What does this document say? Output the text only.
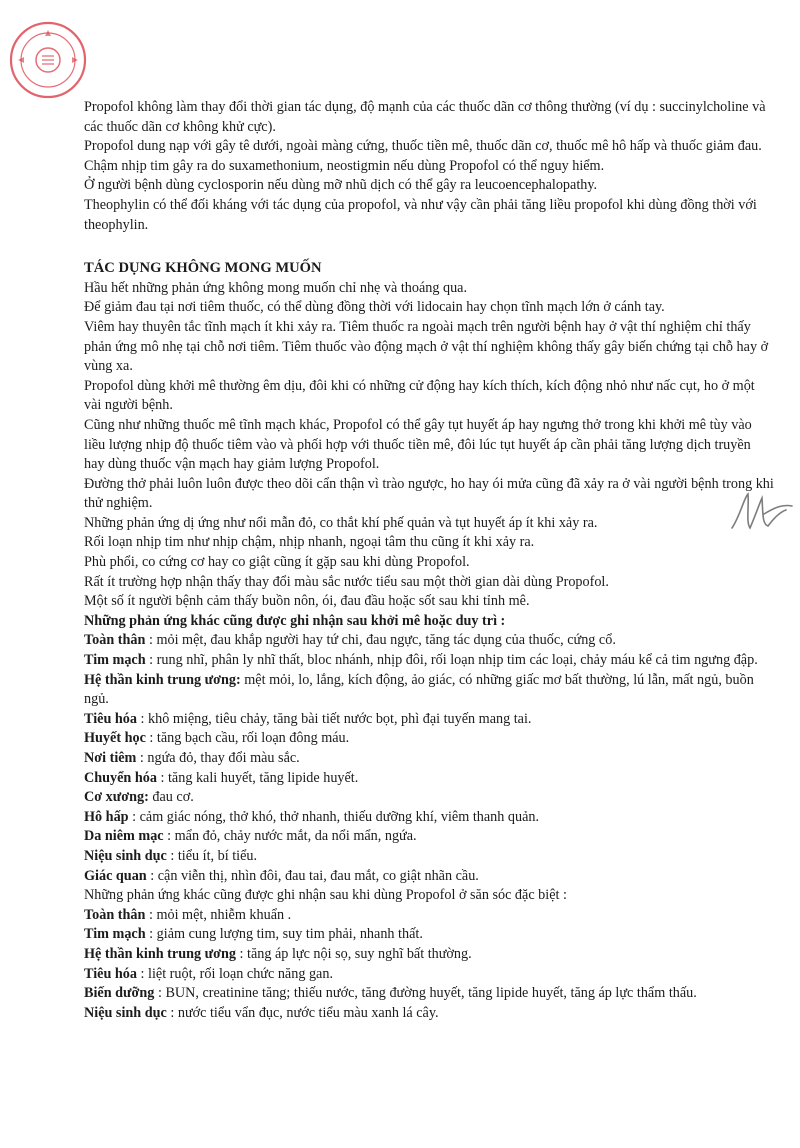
Propofol không làm thay đổi thời gian tác dụng, độ mạnh của các thuốc dãn cơ thông thường (ví dụ : succinylcholine và các thuốc dãn cơ không khử cực).

Propofol dung nạp với gây tê dưới, ngoài màng cứng, thuốc tiền mê, thuốc dãn cơ, thuốc mê hô hấp và thuốc giảm đau.

Chậm nhịp tim gây ra do suxamethonium, neostigmin nếu dùng Propofol có thể nguy hiểm.

Ở người bệnh dùng cyclosporin nếu dùng mỡ nhũ dịch có thể gây ra leucoencephalopathy.

Theophylin có thể đối kháng với tác dụng của propofol, và như vậy cần phải tăng liều propofol khi dùng đồng thời với theophylin.

TÁC DỤNG KHÔNG MONG MUỐN

Hầu hết những phản ứng không mong muốn chỉ nhẹ và thoáng qua.

Để giảm đau tại nơi tiêm thuốc, có thể dùng đồng thời với lidocain hay chọn tĩnh mạch lớn ở cánh tay.

Viêm hay thuyên tắc tĩnh mạch ít khi xảy ra. Tiêm thuốc ra ngoài mạch trên người bệnh hay ở vật thí nghiệm chỉ thấy phản ứng mô nhẹ tại chỗ nơi tiêm. Tiêm thuốc vào động mạch ở vật thí nghiệm không thấy gây biến chứng tại chỗ hay ở vùng xa.

Propofol dùng khởi mê thường êm dịu, đôi khi có những cử động hay kích thích, kích động nhỏ như nấc cụt, ho ở một vài người bệnh.

Cũng như những thuốc mê tĩnh mạch khác, Propofol có thể gây tụt huyết áp hay ngưng thở trong khi khởi mê tùy vào liều lượng nhịp độ thuốc tiêm vào và phối hợp với thuốc tiền mê, đôi lúc tụt huyết áp cần phải tăng lượng dịch truyền hay dùng thuốc vận mạch hay giảm lượng Propofol.

Đường thở phải luôn luôn được theo dõi cẩn thận vì trào ngược, ho hay ói mửa cũng đã xảy ra ở vài người bệnh trong khi thử nghiệm.

Những phản ứng dị ứng như nổi mẫn đỏ, co thắt khí phế quản và tụt huyết áp ít khi xảy ra.

Rối loạn nhịp tim như nhịp chậm, nhịp nhanh, ngoại tâm thu cũng ít khi xảy ra.

Phù phổi, co cứng cơ hay co giật cũng ít gặp sau khi dùng Propofol.

Rất ít trường hợp nhận thấy thay đổi màu sắc nước tiểu sau một thời gian dài dùng Propofol.

Một số ít người bệnh cảm thấy buồn nôn, ói, đau đầu hoặc sốt sau khi tỉnh mê.

Những phản ứng khác cũng được ghi nhận sau khởi mê hoặc duy trì :

Toàn thân : mỏi mệt, đau khắp người hay tứ chi, đau ngực, tăng tác dụng của thuốc, cứng cổ.

Tim mạch : rung nhĩ, phân ly nhĩ thất, bloc nhánh, nhịp đôi, rối loạn nhịp tim các loại, chảy máu kể cả tim ngưng đập.

Hệ thần kinh trung ương: mệt mỏi, lo, lắng, kích động, ảo giác, có những giấc mơ bất thường, lú lẫn, mất ngủ, buồn ngủ.

Tiêu hóa : khô miệng, tiêu chảy, tăng bài tiết nước bọt, phì đại tuyến mang tai.

Huyết học : tăng bạch cầu, rối loạn đông máu.

Nơi tiêm : ngứa đỏ, thay đổi màu sắc.

Chuyển hóa : tăng kali huyết, tăng lipide huyết.

Cơ xương: đau cơ.

Hô hấp : cảm giác nóng, thở khó, thở nhanh, thiếu dưỡng khí, viêm thanh quản.

Da niêm mạc : mẩn đỏ, chảy nước mắt, da nổi mẩn, ngứa.

Niệu sinh dục : tiểu ít, bí tiểu.

Giác quan : cận viễn thị, nhìn đôi, đau tai, đau mắt, co giật nhãn cầu.

Những phản ứng khác cũng được ghi nhận sau khi dùng Propofol ở săn sóc đặc biệt :

Toàn thân : mỏi mệt, nhiễm khuẩn .

Tim mạch : giảm cung lượng tim, suy tim phải, nhanh thất.

Hệ thần kinh trung ương : tăng áp lực nội sọ, suy nghĩ bất thường.

Tiêu hóa : liệt ruột, rối loạn chức năng gan.

Biến dưỡng : BUN, creatinine tăng; thiếu nước, tăng đường huyết, tăng lipide huyết, tăng áp lực thẩm thấu.

Niệu sinh dục : nước tiểu vẩn đục, nước tiểu màu xanh lá cây.
